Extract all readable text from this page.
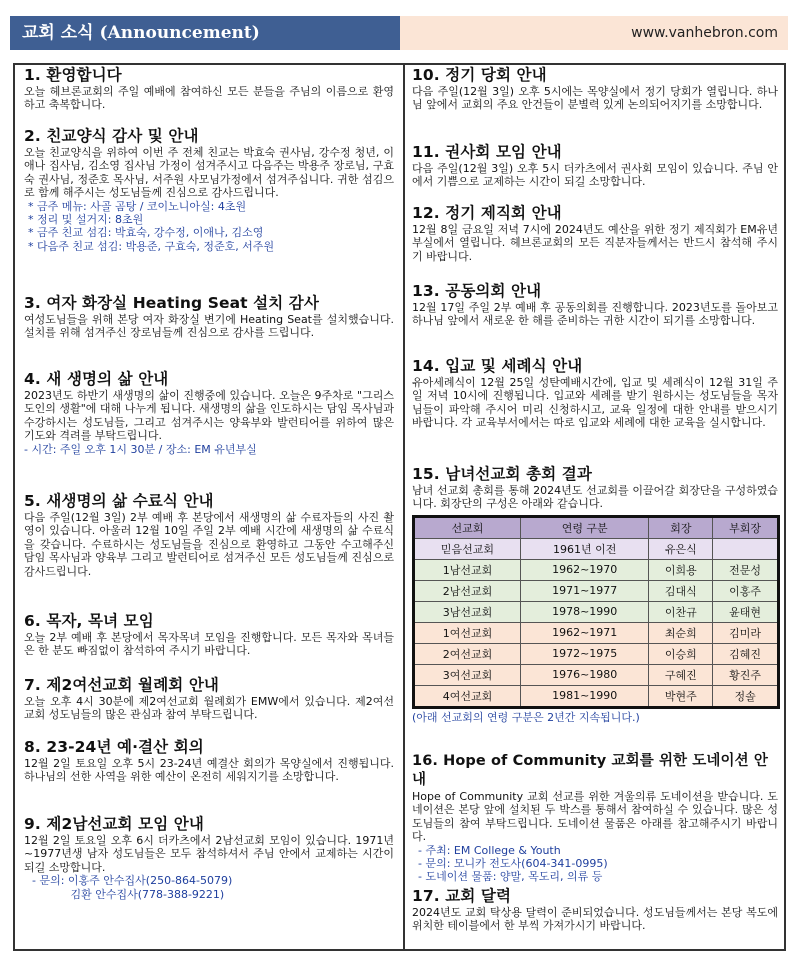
교회 소식 (Announcement)	www.vanhebron.com
1. 환영합니다

오늘 헤브론교회의 주일 예배에 참여하신 모든 분들을 주님의 이름으로 환영하고 축복합니다.

2. 친교양식 감사 및 안내

오늘 친교양식을 위하여 이번 주 전체 친교는 박효숙 권사님, 강수정 청년, 이애나 집사님, 김소영 집사님 가정이 섬겨주시고 다음주는 박용주 장로님, 구효숙 권사님, 정준호 목사님, 서주원 사모님가정에서 섬겨주십니다. 귀한 섬김으로 함께 해주시는 성도님들께 진심으로 감사드립니다.

* 금주 메뉴: 사골 곰탕 / 코이노니아실: 4초원
* 정리 및 설거지: 8초원
* 금주 친교 섬김: 박효숙, 강수정, 이애나, 김소영
* 다음주 친교 섬김: 박용준, 구효숙, 정준호, 서주원
3. 여자 화장실 Heating Seat 설치 감사

여성도님들을 위해 본당 여자 화장실 변기에 Heating Seat를 설치했습니다. 설치를 위해 섬겨주신 장로님들께 진심으로 감사를 드립니다.

4. 새 생명의 삶 안내

2023년도 하반기 새생명의 삶이 진행중에 있습니다. 오늘은 9주차로 "그리스도인의 생활"에 대해 나누게 됩니다. 새생명의 삶을 인도하시는 담임 목사님과 수강하시는 성도님들, 그리고 섬겨주시는 양육부와 발런티어를 위하여 많은 기도와 격려를 부탁드립니다.

- 시간: 주일 오후 1시 30분 / 장소: EM 유년부실
5. 새생명의 삶 수료식 안내

다음 주일(12월 3일) 2부 예배 후 본당에서 새생명의 삶 수료자들의 사진 촬영이 있습니다. 아울러 12월 10일 주일 2부 예배 시간에 새생명의 삶 수료식을 갖습니다. 수료하시는 성도님들을 진심으로 환영하고 그동안 수고해주신 담임 목사님과 양육부 그리고 발런티어로 섬겨주신 모든 성도님들께 진심으로 감사드립니다.

6. 목자, 목녀 모임

오늘 2부 예배 후 본당에서 목자목녀 모임을 진행합니다. 모든 목자와 목녀들은 한 분도 빠짐없이 참석하여 주시기 바랍니다.

7. 제2여선교회 월례회 안내

오늘 오후 4시 30분에 제2여선교회 월례회가 EMW에서 있습니다. 제2여선교회 성도님들의 많은 관심과 참여 부탁드립니다.

8. 23-24년 예·결산 회의

12월 2일 토요일 오후 5시 23-24년 예결산 회의가 목양실에서 진행됩니다. 하나님의 선한 사역을 위한 예산이 온전히 세워지기를 소망합니다.

9. 제2남선교회 모임 안내

12월 2일 토요일 오후 6시 더카츠에서 2남선교회 모임이 있습니다. 1971년~1977년생 남자 성도님들은 모두 참석하셔서 주님 안에서 교제하는 시간이 되길 소망합니다.

- 문의: 이홍주 안수집사(250-864-5079)
김환 안수집사(778-388-9221)
10. 정기 당회 안내

다음 주일(12월 3일) 오후 5시에는 목양실에서 정기 당회가 열립니다. 하나님 앞에서 교회의 주요 안건들이 분별력 있게 논의되어지기를 소망합니다.

11. 권사회 모임 안내

다음 주일(12월 3일) 오후 5시 더카츠에서 권사회 모임이 있습니다. 주님 안에서 기쁨으로 교제하는 시간이 되길 소망합니다.

12. 정기 제직회 안내

12월 8일 금요일 저녁 7시에 2024년도 예산을 위한 정기 제직회가 EM유년부실에서 열립니다. 헤브론교회의 모든 직분자들께서는 반드시 참석해 주시기 바랍니다.

13. 공동의회 안내

12월 17일 주일 2부 예배 후 공동의회를 진행합니다. 2023년도를 돌아보고 하나님 앞에서 새로운 한 해를 준비하는 귀한 시간이 되기를 소망합니다.

14. 입교 및 세례식 안내

유아세례식이 12월 25일 성탄예배시간에, 입교 및 세례식이 12월 31일 주일 저녁 10시에 진행됩니다. 입교와 세례를 받기 원하시는 성도님들을 목자님들이 파악해 주시어 미리 신청하시고, 교육 일정에 대한 안내를 받으시기 바랍니다. 각 교육부서에서는 따로 입교와 세례에 대한 교육을 실시합니다.

15. 남녀선교회 총회 결과

남녀 선교회 총회를 통해 2024년도 선교회를 이끌어갈 회장단을 구성하였습니다. 회장단의 구성은 아래와 같습니다.

선교회	연령 구분	회장	부회장
믿음선교회	1961년 이전	유은식	
1남선교회	1962~1970	이희용	전문성
2남선교회	1971~1977	김대식	이홍주
3남선교회	1978~1990	이찬규	윤태현
1여선교회	1962~1971	최순희	김미라
2여선교회	1972~1975	이승희	김혜진
3여선교회	1976~1980	구혜진	황진주
4여선교회	1981~1990	박현주	정솔
(아래 선교회의 연령 구분은 2년간 지속됩니다.)
16. Hope of Community 교회를 위한 도네이션 안내

Hope of Community 교회 선교를 위한 겨울의류 도네이션을 받습니다. 도네이션은 본당 앞에 설치된 두 박스를 통해서 참여하실 수 있습니다. 많은 성도님들의 참여 부탁드립니다. 도네이션 물품은 아래를 참고해주시기 바랍니다.

- 주최: EM College & Youth
- 문의: 모니카 전도사(604-341-0995)
- 도네이션 물품: 양말, 목도리, 의류 등
17. 교회 달력

2024년도 교회 탁상용 달력이 준비되었습니다. 성도님들께서는 본당 복도에 위치한 테이블에서 한 부씩 가져가시기 바랍니다.
